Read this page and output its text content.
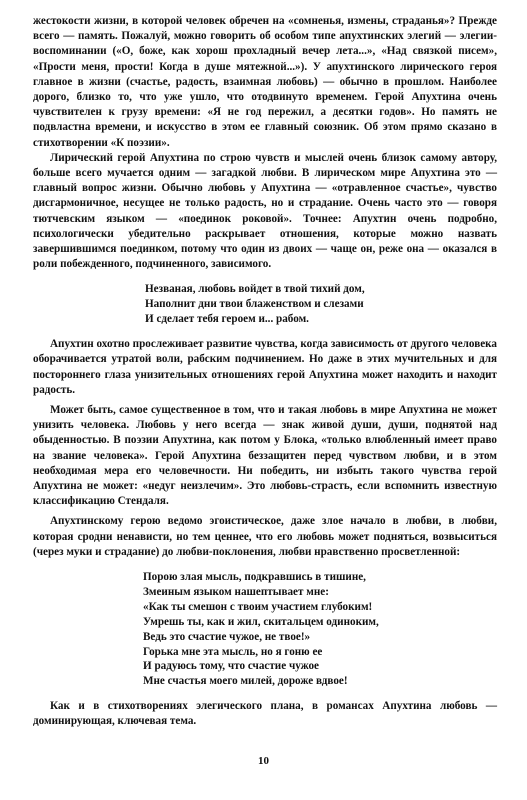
жестокости жизни, в которой человек обречен на «сомненья, измены, страданья»? Прежде всего — память. Пожалуй, можно говорить об особом типе апухтинских элегий — элегии-воспоминании («О, боже, как хорош прохладный вечер лета...», «Над связкой писем», «Прости меня, прости! Когда в душе мятежной...»). У апухтинского лирического героя главное в жизни (счастье, радость, взаимная любовь) — обычно в прошлом. Наиболее дорого, близко то, что уже ушло, что отодвинуто временем. Герой Апухтина очень чувствителен к грузу времени: «Я не год пережил, а десятки годов». Но память не подвластна времени, и искусство в этом ее главный союзник. Об этом прямо сказано в стихотворении «К поэзии».

Лирический герой Апухтина по строю чувств и мыслей очень близок самому автору, больше всего мучается одним — загадкой любви. В лирическом мире Апухтина это — главный вопрос жизни. Обычно любовь у Апухтина — «отравленное счастье», чувство дисгармоничное, несущее не только радость, но и страдание. Очень часто это — говоря тютчевским языком — «поединок роковой». Точнее: Апухтин очень подробно, психологически убедительно раскрывает отношения, которые можно назвать завершившимся поединком, потому что один из двоих — чаще он, реже она — оказался в роли побежденного, подчиненного, зависимого.

Незваная, любовь войдет в твой тихий дом,
Наполнит дни твои блаженством и слезами
И сделает тебя героем и... рабом.

Апухтин охотно прослеживает развитие чувства, когда зависимость от другого человека оборачивается утратой воли, рабским подчинением. Но даже в этих мучительных и для постороннего глаза унизительных отношениях герой Апухтина может находить и находит радость.

Может быть, самое существенное в том, что и такая любовь в мире Апухтина не может унизить человека. Любовь у него всегда — знак живой души, души, поднятой над обыденностью. В поэзии Апухтина, как потом у Блока, «только влюбленный имеет право на звание человека». Герой Апухтина беззащитен перед чувством любви, и в этом необходимая мера его человечности. Ни победить, ни избыть такого чувства герой Апухтина не может: «недуг неизлечим». Это любовь-страсть, если вспомнить известную классификацию Стендаля.

Апухтинскому герою ведомо эгоистическое, даже злое начало в любви, в любви, которая сродни ненависти, но тем ценнее, что его любовь может подняться, возвыситься (через муки и страдание) до любви-поклонения, любви нравственно просветленной:

Порою злая мысль, подкравшись в тишине,
Змеиным языком нашептывает мне:
«Как ты смешон с твоим участием глубоким!
Умрешь ты, как и жил, скитальцем одиноким,
Ведь это счастие чужое, не твое!»
Горька мне эта мысль, но я гоню ее
И радуюсь тому, что счастие чужое
Мне счастья моего милей, дороже вдвое!

Как и в стихотворениях элегического плана, в романсах Апухтина любовь — доминирующая, ключевая тема.

10
